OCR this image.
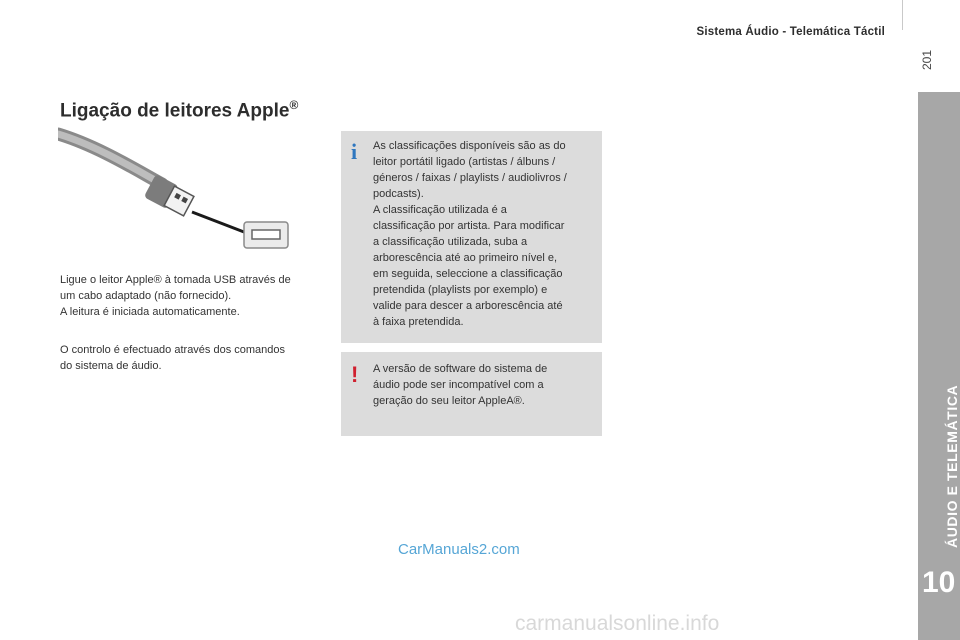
Sistema Áudio - Telemática Táctil
201
ÁUDIO E TELEMÁTICA
10
Ligação de leitores Apple®

Ligue o leitor Apple® à tomada USB através de

um cabo adaptado (não fornecido).

A leitura é iniciada automaticamente.

O controlo é efectuado através dos comandos

do sistema de áudio.

i As classificações disponíveis são as do

leitor portátil ligado (artistas / álbuns /

géneros / faixas / playlists / audiolivros /

podcasts).

A classificação utilizada é a

classificação por artista. Para modificar

a classificação utilizada, suba a

arborescência até ao primeiro nível e,

em seguida, seleccione a classificação

pretendida (playlists por exemplo) e

valide para descer a arborescência até

à faixa pretendida.

! A versão de software do sistema de

áudio pode ser incompatível com a

geração do seu leitor AppleA®.

CarManuals2.com
carmanualsonline.info
